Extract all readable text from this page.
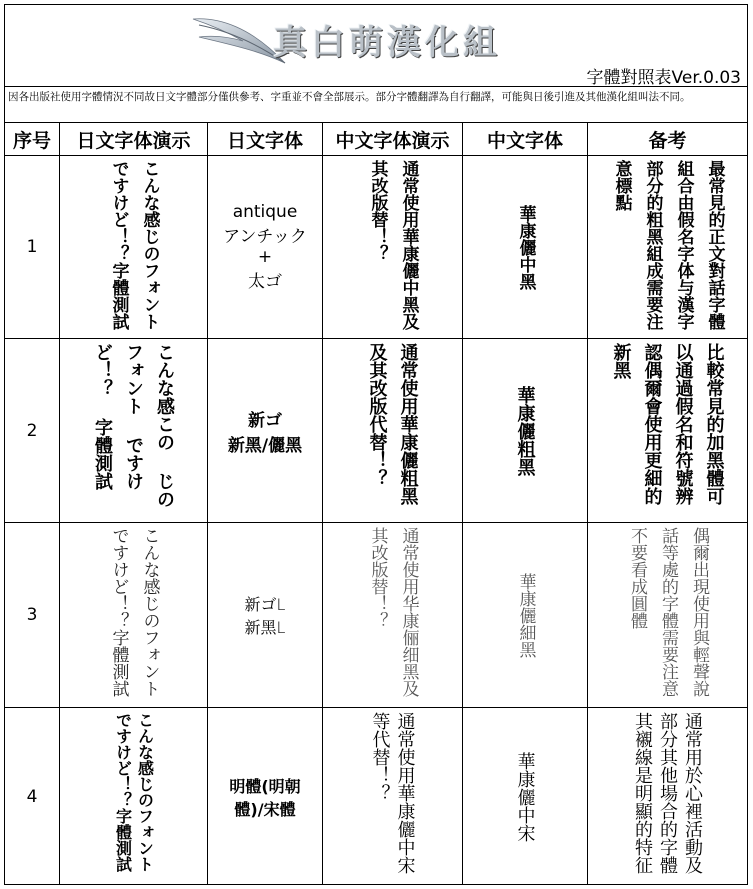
真白萌漢化組
字體對照表Ver.0.03
因各出版社使用字體情況不同故日文字體部分僅供參考、字重並不會全部展示。部分字體翻譯為自行翻譯，可能與日後引進及其他漢化組叫法不同。
序号	日文字体演示	日文字体	中文字体演示	中文字体	备考
1	こんな感じのフォントですけど！？字體測試	antique
アンチック
+
太ゴ	通常使用華康儷中黑及其改版替！？	華康儷中黑	最常見的正文對話字體組合由假名字体与漢字部分的粗黑組成需要注意標點
2	こんな感この じのフォント ですけど！？ 字體測試	新ゴ
新黑/儷黑	通常使用華康儷粗黑及其改版代替！？	華康儷粗黑	比較常見的加黑體可以通過假名和符號辨認偶爾會使用更細的新黑
3	こんな感じのフォントですけど！？字體測試	新ゴL
新黑L	通常使用华康俪细黑及其改版替！？	華康儷細黑	偶爾出現使用與輕聲說話等處的字體需要注意不要看成圓體
4	こんな感じのフォントですけど！？字體測試	明體(明朝
體)/宋體	通常使用華康儷中宋等代替！？	華康儷中宋	通常用於心裡活動及部分其他場合的字體其襯線是明顯的特征
